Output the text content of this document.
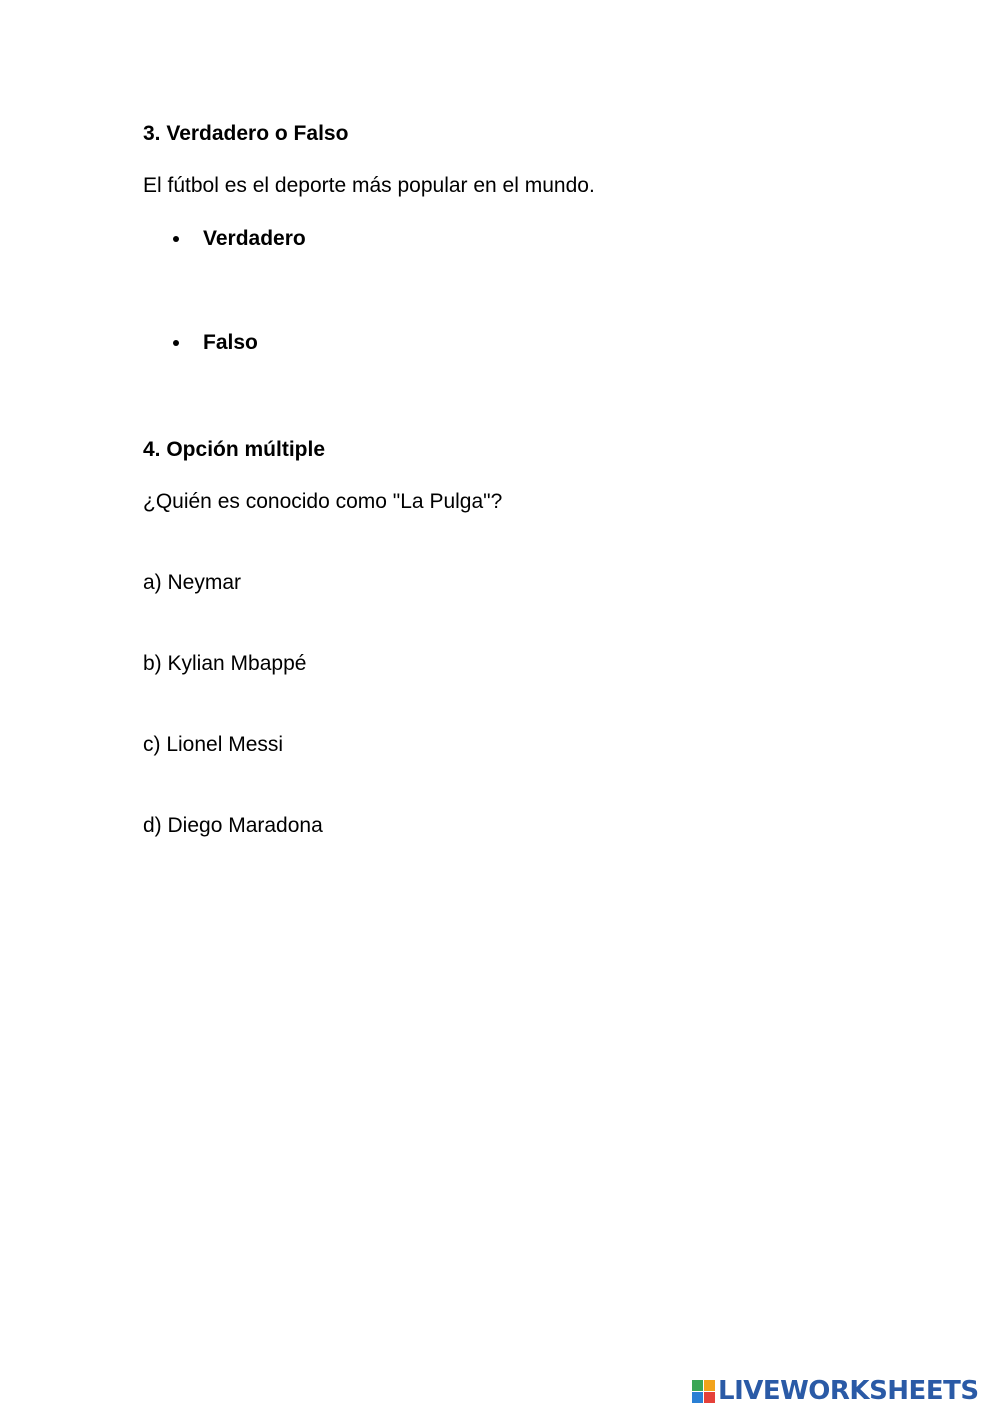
3. Verdadero o Falso
El fútbol es el deporte más popular en el mundo.
Verdadero
Falso
4. Opción múltiple
¿Quién es conocido como "La Pulga"?
a) Neymar
b) Kylian Mbappé
c) Lionel Messi
d) Diego Maradona
LIVEWORKSHEETS
